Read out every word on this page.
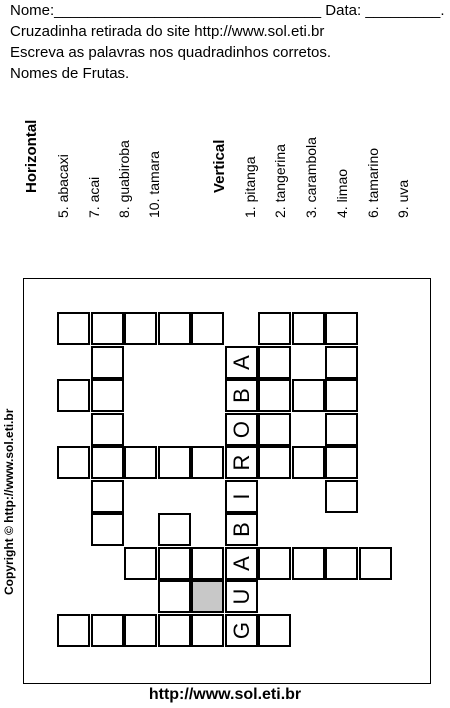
Nome:________________________________ Data: _________.
Cruzadinha retirada do site http://www.sol.eti.br
Escreva as palavras nos quadradinhos corretos.
Nomes de Frutas.
Horizontal 5. abacaxi 7. acai 8. guabiroba 10. tamara	Vertical 1. pitanga 2. tangerina 3. carambola 4. limao 6. tamarino 9. uva
G
U
A
B
I
R
O
B
A
Copyright © http://www.sol.eti.br
http://www.sol.eti.br
